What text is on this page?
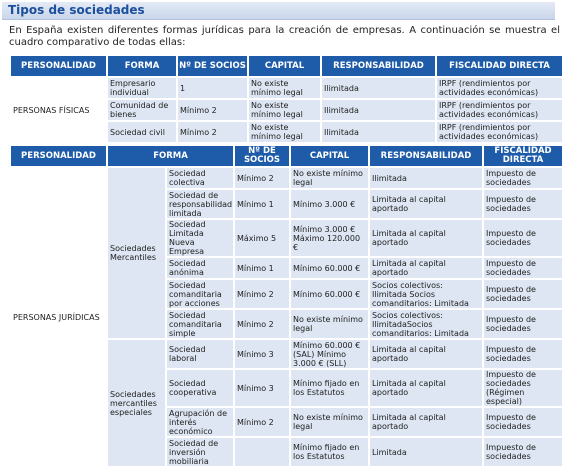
Tipos de sociedades

En España existen diferentes formas jurídicas para la creación de empresas. A continuación se muestra el cuadro comparativo de todas ellas:

PERSONALIDAD	FORMA	Nº DE SOCIOS	CAPITAL	RESPONSABILIDAD	FISCALIDAD DIRECTA
PERSONAS FÍSICAS	Empresario individual	1	No existe mínimo legal	Ilimitada	IRPF (rendimientos por actividades económicas)
	Comunidad de bienes	Mínimo 2	No existe mínimo legal	Ilimitada	IRPF (rendimientos por actividades económicas)
	Sociedad civil	Mínimo 2	No existe mínimo legal	Ilimitada	IRPF (rendimientos por actividades económicas)
PERSONALIDAD	FORMA		Nº DE SOCIOS	CAPITAL	RESPONSABILIDAD	FISCALIDAD DIRECTA
PERSONAS JURÍDICAS	Sociedades Mercantiles	Sociedad colectiva	Mínimo 2	No existe mínimo legal	Ilimitada	Impuesto de sociedades
		Sociedad de responsabilidad limitada	Mínimo 1	Mínimo 3.000 €	Limitada al capital aportado	Impuesto de sociedades
		Sociedad Limitada Nueva Empresa	Máximo 5	Mínimo 3.000 € Máximo 120.000 €	Limitada al capital aportado	Impuesto de sociedades
		Sociedad anónima	Mínimo 1	Mínimo 60.000 €	Limitada al capital aportado	Impuesto de sociedades
		Sociedad comanditaria por acciones	Mínimo 2	Mínimo 60.000 €	Socios colectivos: Ilimitada Socios comanditarios: Limitada	Impuesto de sociedades
		Sociedad comanditaria simple	Mínimo 2	No existe mínimo legal	Socios colectivos: IlimitadaSocios comanditarios: Limitada	Impuesto de sociedades
	Sociedades mercantiles especiales	Sociedad laboral	Mínimo 3	Mínimo 60.000 € (SAL) Mínimo 3.000 € (SLL)	Limitada al capital aportado	Impuesto de sociedades
		Sociedad cooperativa	Mínimo 3	Mínimo fijado en los Estatutos	Limitada al capital aportado	Impuesto de sociedades (Régimen especial)
		Agrupación de interés económico	Mínimo 2	No existe mínimo legal	Limitada al capital aportado	Impuesto de sociedades
		Sociedad de inversión mobiliaria		Mínimo fijado en los Estatutos	Limitada	Impuesto de sociedades
